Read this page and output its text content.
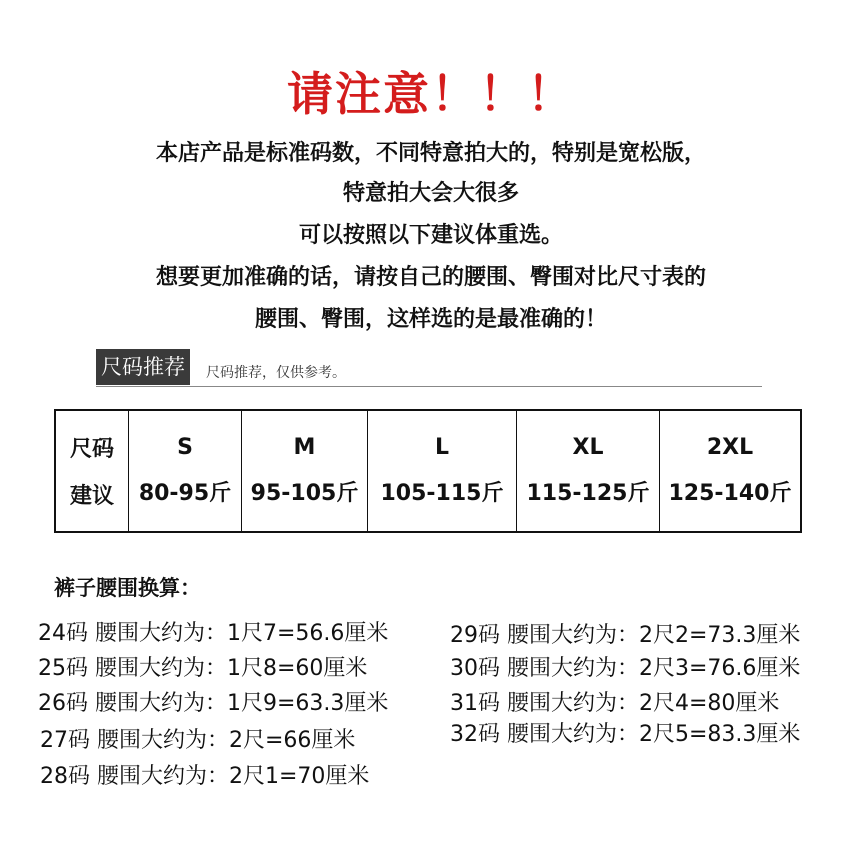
请注意！！！
本店产品是标准码数，不同特意拍大的，特别是宽松版，
特意拍大会大很多
可以按照以下建议体重选。
想要更加准确的话，请按自己的腰围、臀围对比尺寸表的
腰围、臀围，这样选的是最准确的！
尺码推荐	尺码推荐，仅供参考。
尺码
建议
S
80-95斤
M
95-105斤
L
105-115斤
XL
115-125斤
2XL
125-140斤
裤子腰围换算：
24码 腰围大约为：1尺7=56.6厘米
25码 腰围大约为：1尺8=60厘米
26码 腰围大约为：1尺9=63.3厘米
27码 腰围大约为：2尺=66厘米
28码 腰围大约为：2尺1=70厘米
29码 腰围大约为：2尺2=73.3厘米
30码 腰围大约为：2尺3=76.6厘米
31码 腰围大约为：2尺4=80厘米
32码 腰围大约为：2尺5=83.3厘米
